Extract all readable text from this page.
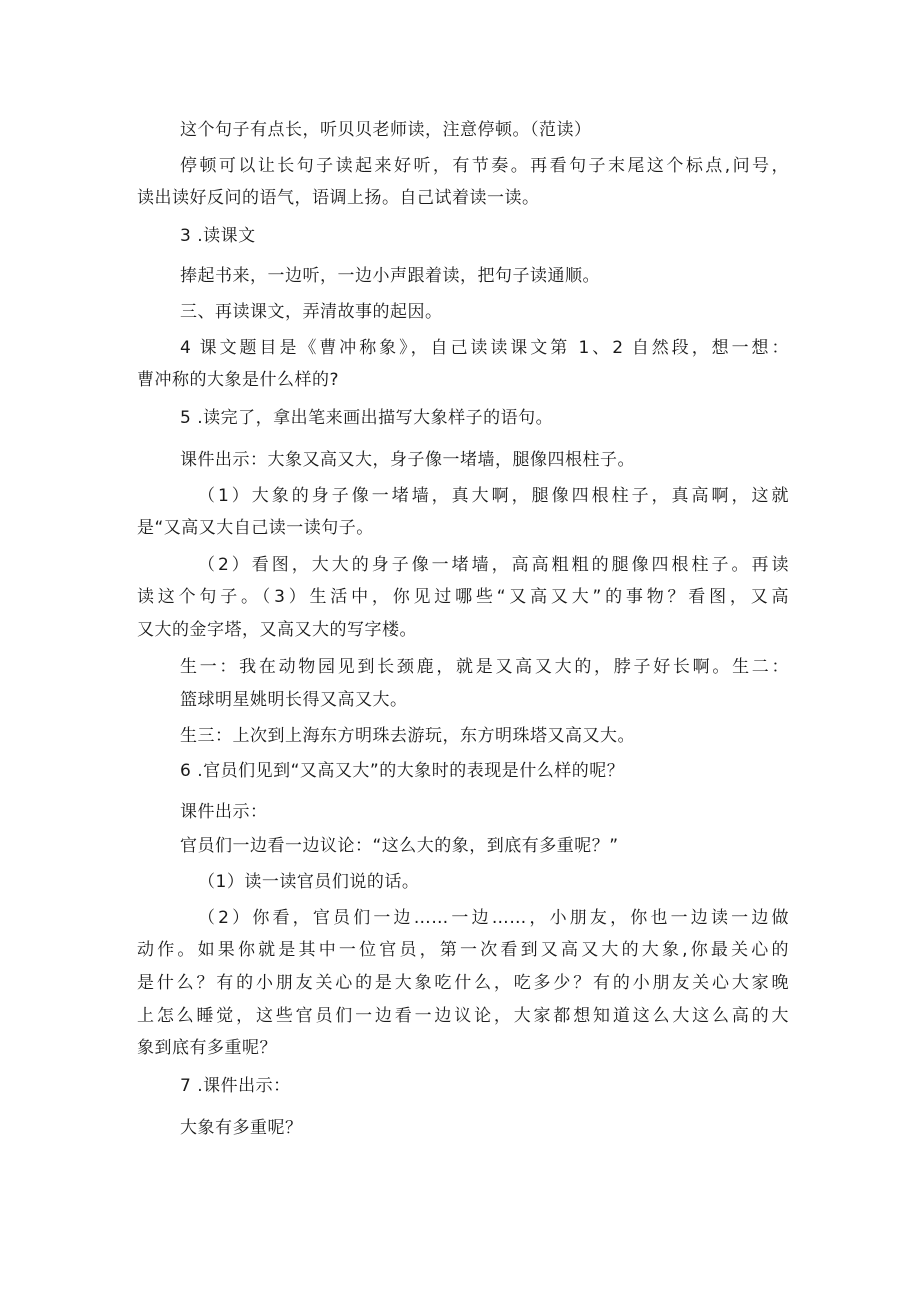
这个句子有点长，听贝贝老师读，注意停顿。（范读）
停顿可以让长句子读起来好听，有节奏。再看句子末尾这个标点,问号，
读出读好反问的语气，语调上扬。自己试着读一读。
3 .读课文
捧起书来，一边听，一边小声跟着读，把句子读通顺。
三、再读课文，弄清故事的起因。
4 课文题目是《曹冲称象》，自己读读课文第 1、2 自然段，想一想：
曹冲称的大象是什么样的?
5 .读完了，拿出笔来画出描写大象样子的语句。
课件出示：大象又高又大，身子像一堵墙，腿像四根柱子。
（1）大象的身子像一堵墙，真大啊，腿像四根柱子，真高啊，这就
是“又高又大自己读一读句子。
（2）看图，大大的身子像一堵墙，高高粗粗的腿像四根柱子。再读
读这个句子。（3）生活中，你见过哪些“又高又大”的事物？看图，又高
又大的金字塔，又高又大的写字楼。
生一：我在动物园见到长颈鹿，就是又高又大的，脖子好长啊。生二：
篮球明星姚明长得又高又大。
生三：上次到上海东方明珠去游玩，东方明珠塔又高又大。
6 .官员们见到“又高又大”的大象时的表现是什么样的呢？
课件出示：
官员们一边看一边议论：“这么大的象，到底有多重呢？”
（1）读一读官员们说的话。
（2）你看，官员们一边……一边……，小朋友，你也一边读一边做
动作。如果你就是其中一位官员，第一次看到又高又大的大象,你最关心的
是什么？有的小朋友关心的是大象吃什么，吃多少？有的小朋友关心大家晚
上怎么睡觉，这些官员们一边看一边议论，大家都想知道这么大这么高的大
象到底有多重呢？
7 .课件出示：
大象有多重呢？
